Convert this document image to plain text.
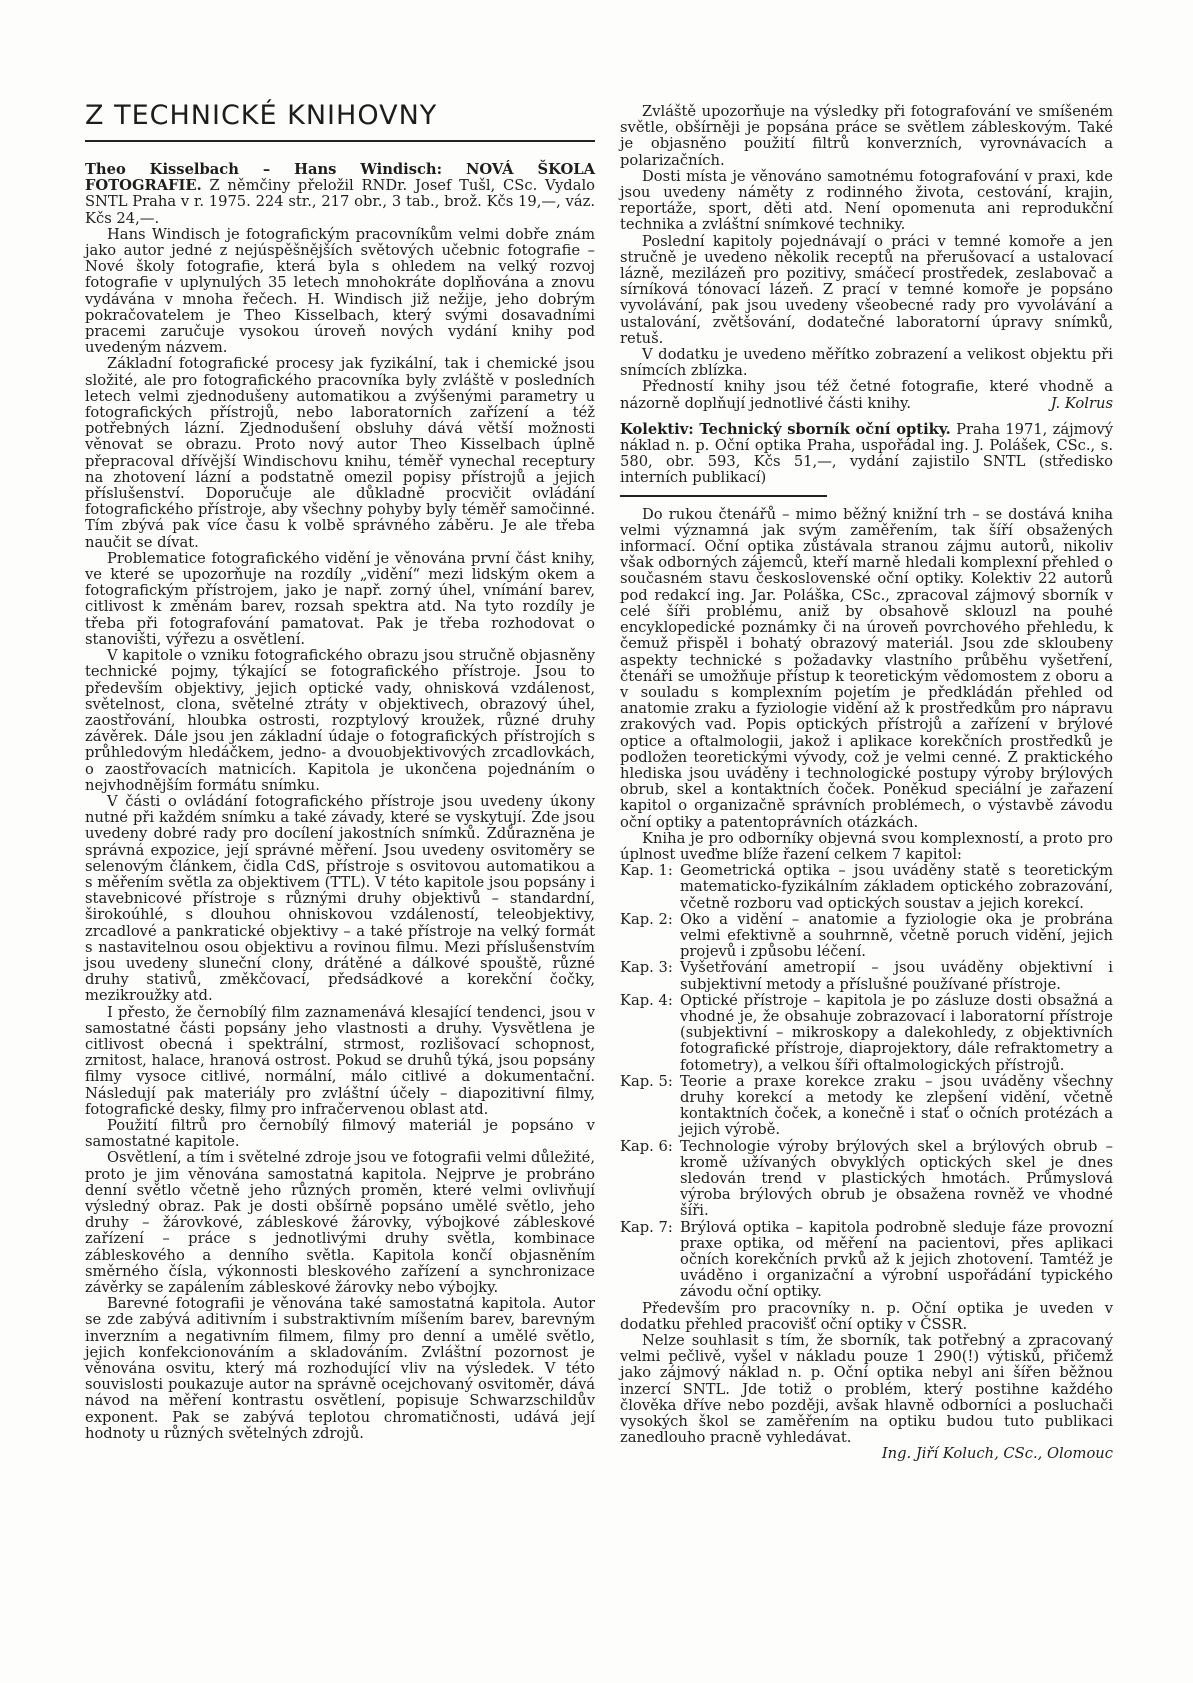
Z TECHNICKÉ KNIHOVNY

Theo Kisselbach – Hans Windisch: NOVÁ ŠKOLA FOTOGRAFIE. Z němčiny přeložil RNDr. Josef Tušl, CSc. Vydalo SNTL Praha v r. 1975. 224 str., 217 obr., 3 tab., brož. Kčs 19,—, váz. Kčs 24,—.

Hans Windisch je fotografickým pracovníkům velmi dobře znám jako autor jedné z nejúspěšnějších světových učebnic fotografie – Nové školy fotografie, která byla s ohledem na velký rozvoj fotografie v uplynulých 35 letech mnohokráte doplňována a znovu vydávána v mnoha řečech. H. Windisch již nežije, jeho dobrým pokračovatelem je Theo Kisselbach, který svými dosavadními pracemi zaručuje vysokou úroveň nových vydání knihy pod uvedeným názvem.

Základní fotografické procesy jak fyzikální, tak i chemické jsou složité, ale pro fotografického pracovníka byly zvláště v posledních letech velmi zjednodušeny automatikou a zvýšenými parametry u fotografických přístrojů, nebo laboratorních zařízení a též potřebných lázní. Zjednodušení obsluhy dává větší možnosti věnovat se obrazu. Proto nový autor Theo Kisselbach úplně přepracoval dřívější Windischovu knihu, téměř vynechal receptury na zhotovení lázní a podstatně omezil popisy přístrojů a jejich příslušenství. Doporučuje ale důkladně procvičit ovládání fotografického přístroje, aby všechny pohyby byly téměř samočinné. Tím zbývá pak více času k volbě správného záběru. Je ale třeba naučit se dívat.

Problematice fotografického vidění je věnována první část knihy, ve které se upozorňuje na rozdíly „vidění“ mezi lidským okem a fotografickým přístrojem, jako je např. zorný úhel, vnímání barev, citlivost k změnám barev, rozsah spektra atd. Na tyto rozdíly je třeba při fotografování pamatovat. Pak je třeba rozhodovat o stanovišti, výřezu a osvětlení.

V kapitole o vzniku fotografického obrazu jsou stručně objasněny technické pojmy, týkající se fotografického přístroje. Jsou to především objektivy, jejich optické vady, ohnisková vzdálenost, světelnost, clona, světelné ztráty v objektivech, obrazový úhel, zaostřování, hloubka ostrosti, rozptylový kroužek, různé druhy závěrek. Dále jsou jen základní údaje o fotografických přístrojích s průhledovým hledáčkem, jedno- a dvouobjektivových zrcadlovkách, o zaostřovacích matnicích. Kapitola je ukončena pojednáním o nejvhodnějším formátu snímku.

V části o ovládání fotografického přístroje jsou uvedeny úkony nutné při každém snímku a také závady, které se vyskytují. Zde jsou uvedeny dobré rady pro docílení jakostních snímků. Zdůrazněna je správná expozice, její správné měření. Jsou uvedeny osvitoměry se selenovým článkem, čidla CdS, přístroje s osvitovou automatikou a s měřením světla za objektivem (TTL). V této kapitole jsou popsány i stavebnicové přístroje s různými druhy objektivů – standardní, širokoúhlé, s dlouhou ohniskovou vzdáleností, teleobjektivy, zrcadlové a pankratické objektivy – a také přístroje na velký formát s nastavitelnou osou objektivu a rovinou filmu. Mezi příslušenstvím jsou uvedeny sluneční clony, drátěné a dálkové spouště, různé druhy stativů, změkčovací, předsádkové a korekční čočky, mezikroužky atd.

I přesto, že černobílý film zaznamenává klesající tendenci, jsou v samostatné části popsány jeho vlastnosti a druhy. Vysvětlena je citlivost obecná i spektrální, strmost, rozlišovací schopnost, zrnitost, halace, hranová ostrost. Pokud se druhů týká, jsou popsány filmy vysoce citlivé, normální, málo citlivé a dokumentační. Následují pak materiály pro zvláštní účely – diapozitivní filmy, fotografické desky, filmy pro infračervenou oblast atd.

Použití filtrů pro černobílý filmový materiál je popsáno v samostatné kapitole.

Osvětlení, a tím i světelné zdroje jsou ve fotografii velmi důležité, proto je jim věnována samostatná kapitola. Nejprve je probráno denní světlo včetně jeho různých proměn, které velmi ovlivňují výsledný obraz. Pak je dosti obšírně popsáno umělé světlo, jeho druhy – žárovkové, zábleskové žárovky, výbojkové zábleskové zařízení – práce s jednotlivými druhy světla, kombinace zábleskového a denního světla. Kapitola končí objasněním směrného čísla, výkonnosti bleskového zařízení a synchronizace závěrky se zapálením zábleskové žárovky nebo výbojky.

Barevné fotografii je věnována také samostatná kapitola. Autor se zde zabývá aditivním i substraktivním míšením barev, barevným inverzním a negativním filmem, filmy pro denní a umělé světlo, jejich konfekcionováním a skladováním. Zvláštní pozornost je věnována osvitu, který má rozhodující vliv na výsledek. V této souvislosti poukazuje autor na správně ocejchovaný osvitoměr, dává návod na měření kontrastu osvětlení, popisuje Schwarzschildův exponent. Pak se zabývá teplotou chromatičnosti, udává její hodnoty u různých světelných zdrojů.

Zvláště upozorňuje na výsledky při fotografování ve smíšeném světle, obšírněji je popsána práce se světlem zábleskovým. Také je objasněno použití filtrů konverzních, vyrovnávacích a polarizačních.

Dosti místa je věnováno samotnému fotografování v praxi, kde jsou uvedeny náměty z rodinného života, cestování, krajin, reportáže, sport, děti atd. Není opomenuta ani reprodukční technika a zvláštní snímkové techniky.

Poslední kapitoly pojednávají o práci v temné komoře a jen stručně je uvedeno několik receptů na přerušovací a ustalovací lázně, mezilázeň pro pozitivy, smáčecí prostředek, zeslabovač a sírníková tónovací lázeň. Z prací v temné komoře je popsáno vyvolávání, pak jsou uvedeny všeobecné rady pro vyvolávání a ustalování, zvětšování, dodatečné laboratorní úpravy snímků, retuš.

V dodatku je uvedeno měřítko zobrazení a velikost objektu při snímcích zblízka.

Předností knihy jsou též četné fotografie, které vhodně a názorně doplňují jednotlivé části knihy.	J. Kolrus

Kolektiv: Technický sborník oční optiky. Praha 1971, zájmový náklad n. p. Oční optika Praha, uspořádal ing. J. Polášek, CSc., s. 580, obr. 593, Kčs 51,—, vydání zajistilo SNTL (středisko interních publikací)

Do rukou čtenářů – mimo běžný knižní trh – se dostává kniha velmi významná jak svým zaměřením, tak šíří obsažených informací. Oční optika zůstávala stranou zájmu autorů, nikoliv však odborných zájemců, kteří marně hledali komplexní přehled o současném stavu československé oční optiky. Kolektiv 22 autorů pod redakcí ing. Jar. Poláška, CSc., zpracoval zájmový sborník v celé šíři problému, aniž by obsahově sklouzl na pouhé encyklopedické poznámky či na úroveň povrchového přehledu, k čemuž přispěl i bohatý obrazový materiál. Jsou zde skloubeny aspekty technické s požadavky vlastního průběhu vyšetření, čtenáři se umožňuje přístup k teoretickým vědomostem z oboru a v souladu s komplexním pojetím je předkládán přehled od anatomie zraku a fyziologie vidění až k prostředkům pro nápravu zrakových vad. Popis optických přístrojů a zařízení v brýlové optice a oftalmologii, jakož i aplikace korekčních prostředků je podložen teoretickými vývody, což je velmi cenné. Z praktického hlediska jsou uváděny i technologické postupy výroby brýlových obrub, skel a kontaktních čoček. Poněkud speciální je zařazení kapitol o organizačně správních problémech, o výstavbě závodu oční optiky a patentoprávních otázkách.

Kniha je pro odborníky objevná svou komplexností, a proto pro úplnost uveďme blíže řazení celkem 7 kapitol:

Kap. 1: Geometrická optika – jsou uváděny statě s teoretickým matematicko-fyzikálním základem optického zobrazování, včetně rozboru vad optických soustav a jejich korekcí.
Kap. 2: Oko a vidění – anatomie a fyziologie oka je probrána velmi efektivně a souhrnně, včetně poruch vidění, jejich projevů i způsobu léčení.
Kap. 3: Vyšetřování ametropií – jsou uváděny objektivní i subjektivní metody a příslušné používané přístroje.
Kap. 4: Optické přístroje – kapitola je po zásluze dosti obsažná a vhodné je, že obsahuje zobrazovací i laboratorní přístroje (subjektivní – mikroskopy a dalekohledy, z objektivních fotografické přístroje, diaprojektory, dále refraktometry a fotometry), a velkou šíři oftalmologických přístrojů.
Kap. 5: Teorie a praxe korekce zraku – jsou uváděny všechny druhy korekcí a metody ke zlepšení vidění, včetně kontaktních čoček, a konečně i stať o očních protézách a jejich výrobě.
Kap. 6: Technologie výroby brýlových skel a brýlových obrub – kromě užívaných obvyklých optických skel je dnes sledován trend v plastických hmotách. Průmyslová výroba brýlových obrub je obsažena rovněž ve vhodné šíři.
Kap. 7: Brýlová optika – kapitola podrobně sleduje fáze provozní praxe optika, od měření na pacientovi, přes aplikaci očních korekčních prvků až k jejich zhotovení. Tamtéž je uváděno i organizační a výrobní uspořádání typického závodu oční optiky.

Především pro pracovníky n. p. Oční optika je uveden v dodatku přehled pracovišť oční optiky v ČSSR.

Nelze souhlasit s tím, že sborník, tak potřebný a zpracovaný velmi pečlivě, vyšel v nákladu pouze 1 290(!) výtisků, přičemž jako zájmový náklad n. p. Oční optika nebyl ani šířen běžnou inzercí SNTL. Jde totiž o problém, který postihne každého člověka dříve nebo později, avšak hlavně odborníci a posluchači vysokých škol se zaměřením na optiku budou tuto publikaci zanedlouho pracně vyhledávat.

Ing. Jiří Koluch, CSc., Olomouc
